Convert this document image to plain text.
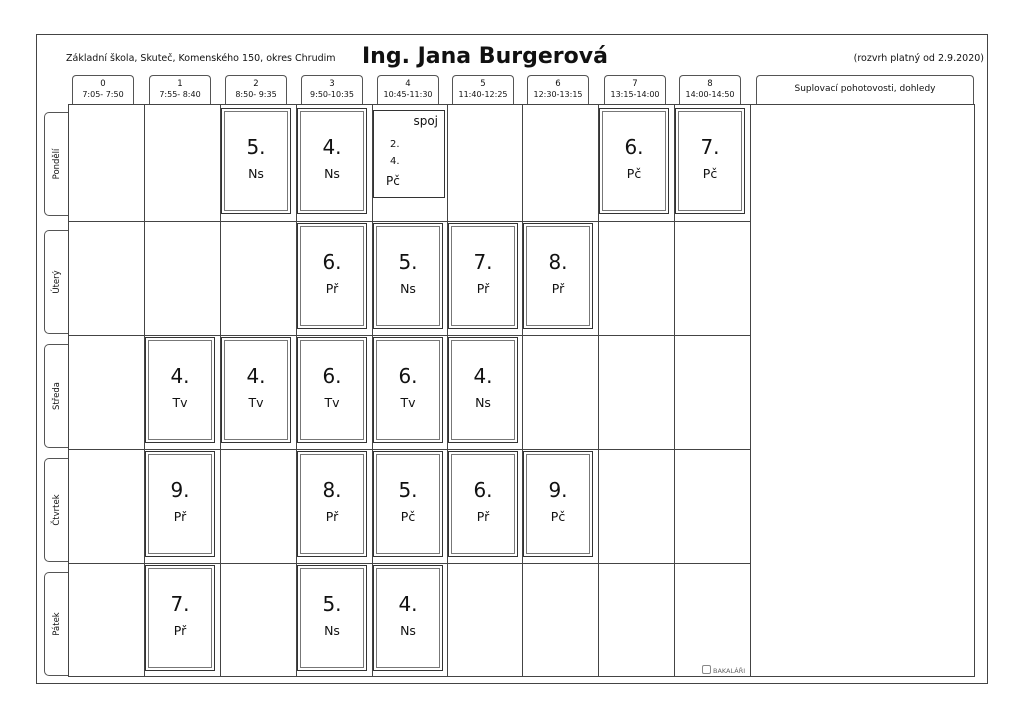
Základní škola, Skuteč, Komenského 150, okres Chrudim Ing. Jana Burgerová	(rozvrh platný od 2.9.2020)
0
7:05- 7:50
1
7:55- 8:40
2
8:50- 9:35
3
9:50-10:35
4
10:45-11:30
5
11:40-12:25
6
12:30-13:15
7
13:15-14:00
8
14:00-14:50
Suplovací pohotovosti, dohledy
Pondělí
Úterý
Středa
Čtvrtek
Pátek
5.
Ns
4.
Ns
spoj
2.
4.
Pč
6.
Pč
7.
Pč
6.
Př
5.
Ns
7.
Př
8.
Př
4.
Tv
4.
Tv
6.
Tv
6.
Tv
4.
Ns
9.
Př
8.
Př
5.
Pč
6.
Př
9.
Pč
7.
Př
5.
Ns
4.
Ns
BAKALÁŘI
